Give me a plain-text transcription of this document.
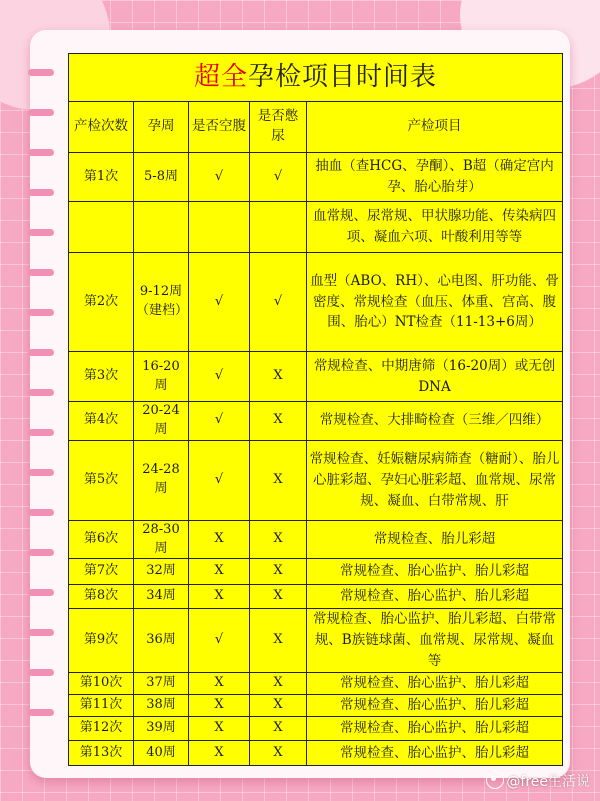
超全孕检项目时间表				
产检次数	孕周	是否空腹	是否憋尿	产检项目
第1次	5-8周	√	√	抽血（查HCG、孕酮）、B超（确定宫内孕、胎心胎芽）
				血常规、尿常规、甲状腺功能、传染病四项、凝血六项、叶酸利用等等
第2次	9-12周（建档）	√	√	血型（ABO、RH）、心电图、肝功能、骨密度、常规检查（血压、体重、宫高、腹围、胎心）NT检查（11-13+6周）
第3次	16-20周	√	X	常规检查、中期唐筛（16-20周）或无创DNA
第4次	20-24周	√	X	常规检查、大排畸检查（三维／四维）
第5次	24-28周	√	X	常规检查、妊娠糖尿病筛查（糖耐）、胎儿心脏彩超、孕妇心脏彩超、血常规、尿常规、凝血、白带常规、肝
第6次	28-30周	X	X	常规检查、胎儿彩超
第7次	32周	X	X	常规检查、胎心监护、胎儿彩超
第8次	34周	X	X	常规检查、胎心监护、胎儿彩超
第9次	36周	√	X	常规检查、胎心监护、胎儿彩超、白带常规、B族链球菌、血常规、尿常规、凝血等
第10次	37周	X	X	常规检查、胎心监护、胎儿彩超
第11次	38周	X	X	常规检查、胎心监护、胎儿彩超
第12次	39周	X	X	常规检查、胎心监护、胎儿彩超
第13次	40周	X	X	常规检查、胎心监护、胎儿彩超
@free生活说
